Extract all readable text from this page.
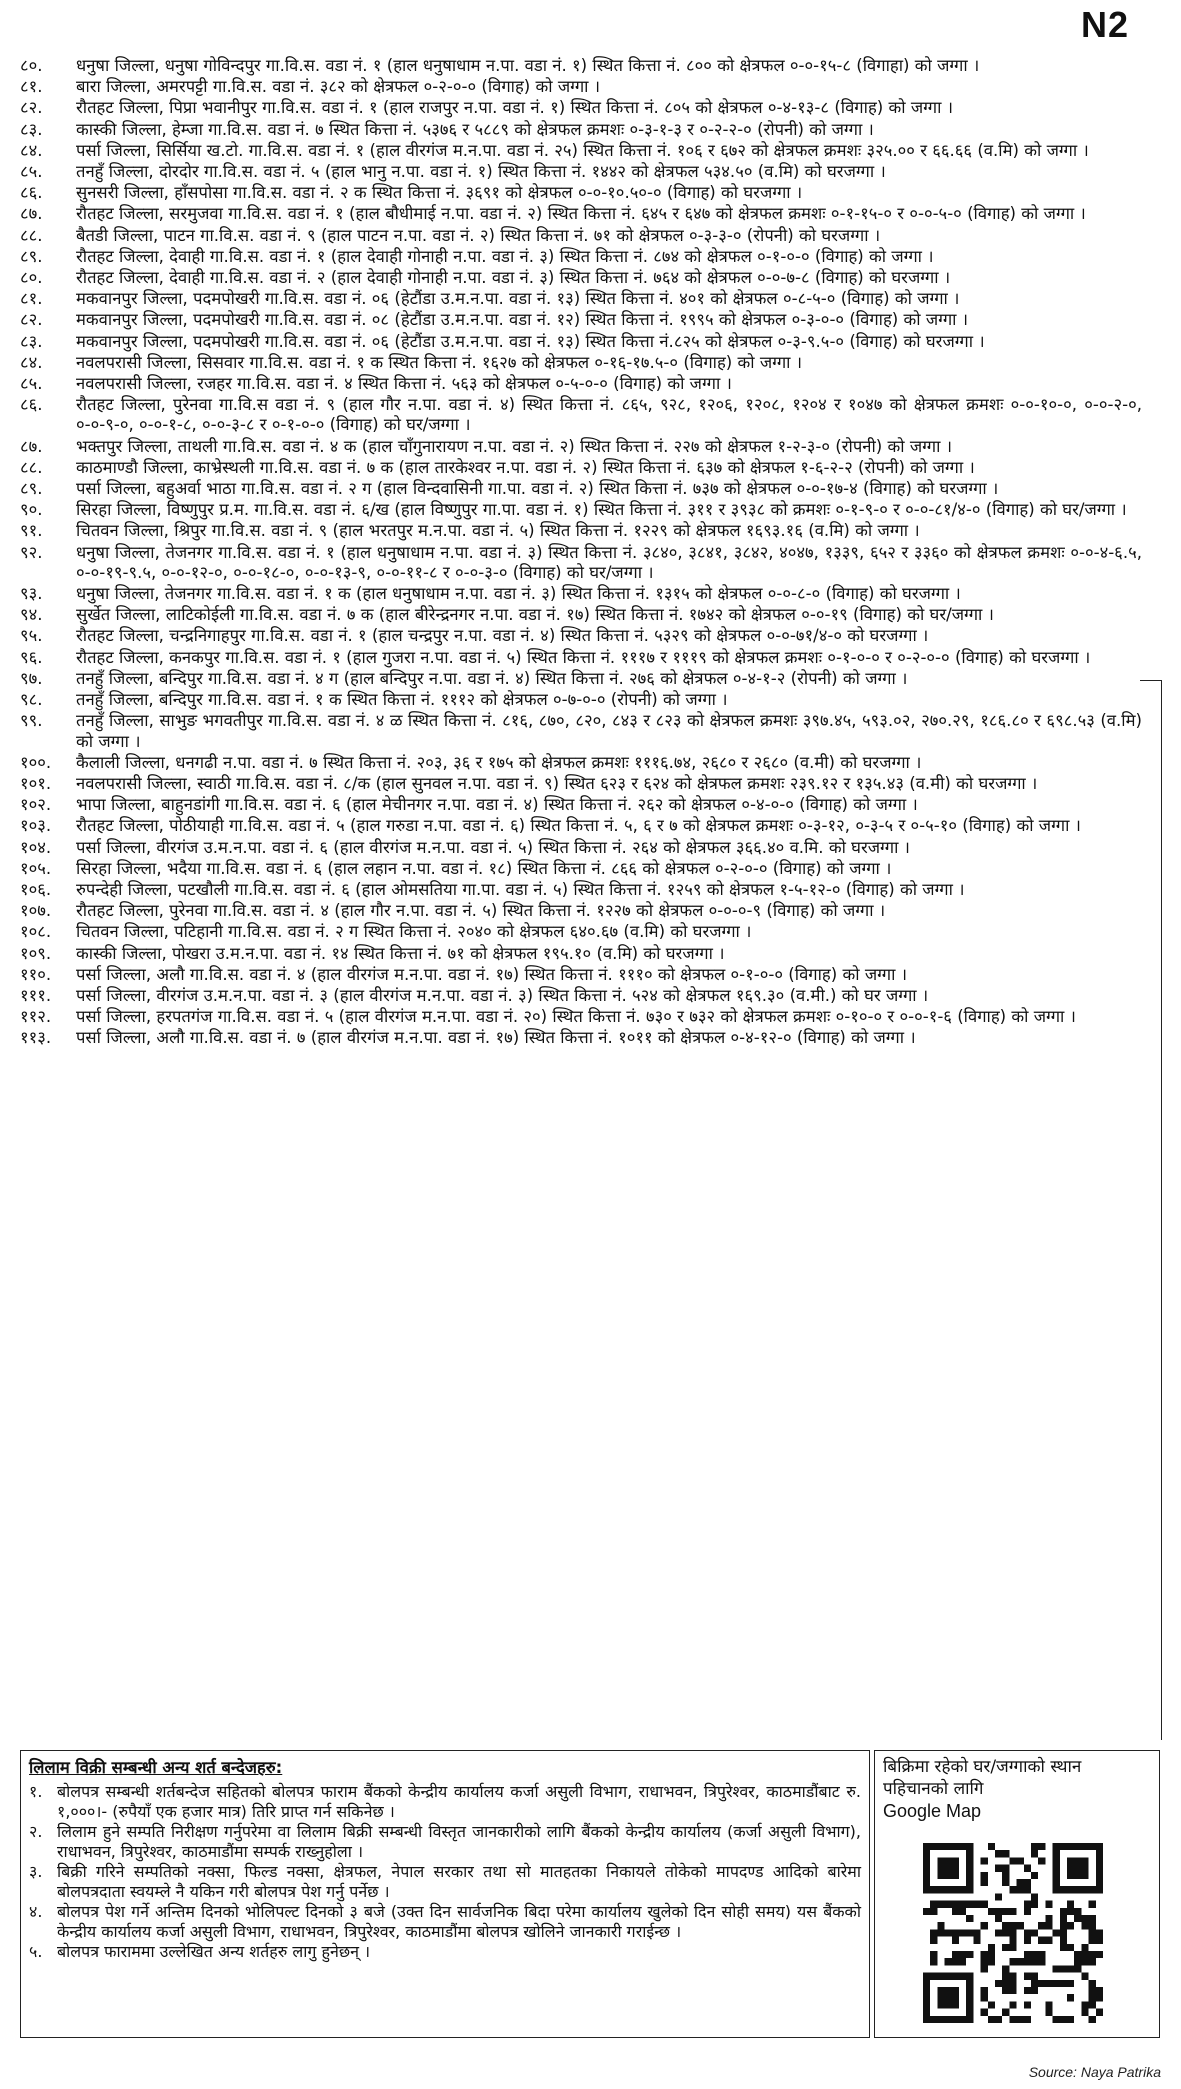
N2
८०.	धनुषा जिल्ला, धनुषा गोविन्दपुर गा.वि.स. वडा नं. १ (हाल धनुषाधाम न.पा. वडा नं. १) स्थित कित्ता नं. ८०० को क्षेत्रफल ०-०-१५-८ (विगाहा) को जग्गा ।
८१.	बारा जिल्ला, अमरपट्टी गा.वि.स. वडा नं. ३८२ को क्षेत्रफल ०-२-०-० (विगाह) को जग्गा ।
८२.	रौतहट जिल्ला, पिप्रा भवानीपुर गा.वि.स. वडा नं. १ (हाल राजपुर न.पा. वडा नं. १) स्थित कित्ता नं. ८०५ को क्षेत्रफल ०-४-१३-८ (विगाह) को जग्गा ।
८३.	कास्की जिल्ला, हेम्जा गा.वि.स. वडा नं. ७ स्थित कित्ता नं. ५३७६ र ५८८९ को क्षेत्रफल क्रमशः ०-३-१-३ र ०-२-२-० (रोपनी) को जग्गा ।
८४.	पर्सा जिल्ला, सिर्सिया ख.टो. गा.वि.स. वडा नं. १ (हाल वीरगंज म.न.पा. वडा नं. २५) स्थित कित्ता नं. १०६ र ६७२ को क्षेत्रफल क्रमशः ३२५.०० र ६६.६६ (व.मि) को जग्गा ।
८५.	तनहुँ जिल्ला, दोरदोर गा.वि.स. वडा नं. ५ (हाल भानु न.पा. वडा नं. १) स्थित कित्ता नं. १४४२ को क्षेत्रफल ५३४.५० (व.मि) को घरजग्गा ।
८६.	सुनसरी जिल्ला, हाँसपोसा गा.वि.स. वडा नं. २ क स्थित कित्ता नं. ३६९१ को क्षेत्रफल ०-०-१०.५०-० (विगाह) को घरजग्गा ।
८७.	रौतहट जिल्ला, सरमुजवा गा.वि.स. वडा नं. १ (हाल बौधीमाई न.पा. वडा नं. २) स्थित कित्ता नं. ६४५ र ६४७ को क्षेत्रफल क्रमशः ०-१-१५-० र ०-०-५-० (विगाह) को जग्गा ।
८८.	बैतडी जिल्ला, पाटन गा.वि.स. वडा नं. ९ (हाल पाटन न.पा. वडा नं. २) स्थित कित्ता नं. ७१ को क्षेत्रफल ०-३-३-० (रोपनी) को घरजग्गा ।
८९.	रौतहट जिल्ला, देवाही गा.वि.स. वडा नं. १ (हाल देवाही गोनाही न.पा. वडा नं. ३) स्थित कित्ता नं. ८७४ को क्षेत्रफल ०-१-०-० (विगाह) को जग्गा ।
८०.	रौतहट जिल्ला, देवाही गा.वि.स. वडा नं. २ (हाल देवाही गोनाही न.पा. वडा नं. ३) स्थित कित्ता नं. ७६४ को क्षेत्रफल ०-०-७-८ (विगाह) को घरजग्गा ।
८१.	मकवानपुर जिल्ला, पदमपोखरी गा.वि.स. वडा नं. ०६ (हेटौंडा उ.म.न.पा. वडा नं. १३) स्थित कित्ता नं. ४०१ को क्षेत्रफल ०-८-५-० (विगाह) को जग्गा ।
८२.	मकवानपुर जिल्ला, पदमपोखरी गा.वि.स. वडा नं. ०८ (हेटौंडा उ.म.न.पा. वडा नं. १२) स्थित कित्ता नं. १९९५ को क्षेत्रफल ०-३-०-० (विगाह) को जग्गा ।
८३.	मकवानपुर जिल्ला, पदमपोखरी गा.वि.स. वडा नं. ०६ (हेटौंडा उ.म.न.पा. वडा नं. १३) स्थित कित्ता नं.८२५ को क्षेत्रफल ०-३-९.५-० (विगाह) को घरजग्गा ।
८४.	नवलपरासी जिल्ला, सिसवार गा.वि.स. वडा नं. १ क स्थित कित्ता नं. १६२७ को क्षेत्रफल ०-१६-१७.५-० (विगाह) को जग्गा ।
८५.	नवलपरासी जिल्ला, रजहर गा.वि.स. वडा नं. ४ स्थित कित्ता नं. ५६३ को क्षेत्रफल ०-५-०-० (विगाह) को जग्गा ।
८६.	रौतहट जिल्ला, पुरेनवा गा.वि.स वडा नं. ९ (हाल गौर न.पा. वडा नं. ४) स्थित कित्ता नं. ८६५, ९२८, १२०६, १२०८, १२०४ र १०४७ को क्षेत्रफल क्रमशः ०-०-१०-०, ०-०-२-०, ०-०-९-०, ०-०-१-८, ०-०-३-८ र ०-१-०-० (विगाह) को घर/जग्गा ।
८७.	भक्तपुर जिल्ला, ताथली गा.वि.स. वडा नं. ४ क (हाल चाँगुनारायण न.पा. वडा नं. २) स्थित कित्ता नं. २२७ को क्षेत्रफल १-२-३-० (रोपनी) को जग्गा ।
८८.	काठमाण्डौ जिल्ला, काभ्रेस्थली गा.वि.स. वडा नं. ७ क (हाल तारकेश्वर न.पा. वडा नं. २) स्थित कित्ता नं. ६३७ को क्षेत्रफल १-६-२-२ (रोपनी) को जग्गा ।
८९.	पर्सा जिल्ला, बहुअर्वा भाठा गा.वि.स. वडा नं. २ ग (हाल विन्दवासिनी गा.पा. वडा नं. २) स्थित कित्ता नं. ७३७ को क्षेत्रफल ०-०-१७-४ (विगाह) को घरजग्गा ।
९०.	सिरहा जिल्ला, विष्णुपुर प्र.म. गा.वि.स. वडा नं. ६/ख (हाल विष्णुपुर गा.पा. वडा नं. १) स्थित कित्ता नं. ३११ र ३९३८ को क्रमशः ०-१-९-० र ०-०-८१/४-० (विगाह) को घर/जग्गा ।
९१.	चितवन जिल्ला, श्रिपुर गा.वि.स. वडा नं. ९ (हाल भरतपुर म.न.पा. वडा नं. ५) स्थित कित्ता नं. १२२९ को क्षेत्रफल १६९३.१६ (व.मि) को जग्गा ।
९२.	धनुषा जिल्ला, तेजनगर गा.वि.स. वडा नं. १ (हाल धनुषाधाम न.पा. वडा नं. ३) स्थित कित्ता नं. ३८४०, ३८४१, ३८४२, ४०४७, १३३९, ६५२ र ३३६० को क्षेत्रफल क्रमशः ०-०-४-६.५, ०-०-१९-९.५, ०-०-१२-०, ०-०-१८-०, ०-०-१३-९, ०-०-११-८ र ०-०-३-० (विगाह) को घर/जग्गा ।
९३.	धनुषा जिल्ला, तेजनगर गा.वि.स. वडा नं. १ क (हाल धनुषाधाम न.पा. वडा नं. ३) स्थित कित्ता नं. १३१५ को क्षेत्रफल ०-०-८-० (विगाह) को घरजग्गा ।
९४.	सुर्खेत जिल्ला, लाटिकोईली गा.वि.स. वडा नं. ७ क (हाल बीरेन्द्रनगर न.पा. वडा नं. १७) स्थित कित्ता नं. १७४२ को क्षेत्रफल ०-०-१९ (विगाह) को घर/जग्गा ।
९५.	रौतहट जिल्ला, चन्द्रनिगाहपुर गा.वि.स. वडा नं. १ (हाल चन्द्रपुर न.पा. वडा नं. ४) स्थित कित्ता नं. ५३२९ को क्षेत्रफल ०-०-७१/४-० को घरजग्गा ।
९६.	रौतहट जिल्ला, कनकपुर गा.वि.स. वडा नं. १ (हाल गुजरा न.पा. वडा नं. ५) स्थित कित्ता नं. १११७ र १११९ को क्षेत्रफल क्रमशः ०-१-०-० र ०-२-०-० (विगाह) को घरजग्गा ।
९७.	तनहुँ जिल्ला, बन्दिपुर गा.वि.स. वडा नं. ४ ग (हाल बन्दिपुर न.पा. वडा नं. ४) स्थित कित्ता नं. २७६ को क्षेत्रफल ०-४-१-२ (रोपनी) को जग्गा ।
९८.	तनहुँ जिल्ला, बन्दिपुर गा.वि.स. वडा नं. १ क स्थित कित्ता नं. १११२ को क्षेत्रफल ०-७-०-० (रोपनी) को जग्गा ।
९९.	तनहुँ जिल्ला, साभुङ भगवतीपुर गा.वि.स. वडा नं. ४ ळ स्थित कित्ता नं. ८१६, ८७०, ८२०, ८४३ र ८२३ को क्षेत्रफल क्रमशः ३९७.४५, ५९३.०२, २७०.२९, १८६.८० र ६९८.५३ (व.मि) को जग्गा ।
१००.	कैलाली जिल्ला, धनगढी न.पा. वडा नं. ७ स्थित कित्ता नं. २०३, ३६ र १७५ को क्षेत्रफल क्रमशः १११६.७४, २६८० र २६८० (व.मी) को घरजग्गा ।
१०१.	नवलपरासी जिल्ला, स्वाठी गा.वि.स. वडा नं. ८/क (हाल सुनवल न.पा. वडा नं. ९) स्थित ६२३ र ६२४ को क्षेत्रफल क्रमशः २३९.१२ र १३५.४३ (व.मी) को घरजग्गा ।
१०२.	भापा जिल्ला, बाहुनडांगी गा.वि.स. वडा नं. ६ (हाल मेचीनगर न.पा. वडा नं. ४) स्थित कित्ता नं. २६२ को क्षेत्रफल ०-४-०-० (विगाह) को जग्गा ।
१०३.	रौतहट जिल्ला, पोठीयाही गा.वि.स. वडा नं. ५ (हाल गरुडा न.पा. वडा नं. ६) स्थित कित्ता नं. ५, ६ र ७ को क्षेत्रफल क्रमशः ०-३-१२, ०-३-५ र ०-५-१० (विगाह) को जग्गा ।
१०४.	पर्सा जिल्ला, वीरगंज उ.म.न.पा. वडा नं. ६ (हाल वीरगंज म.न.पा. वडा नं. ५) स्थित कित्ता नं. २६४ को क्षेत्रफल ३६६.४० व.मि. को घरजग्गा ।
१०५.	सिरहा जिल्ला, भदैया गा.वि.स. वडा नं. ६ (हाल लहान न.पा. वडा नं. १८) स्थित कित्ता नं. ८६६ को क्षेत्रफल ०-२-०-० (विगाह) को जग्गा ।
१०६.	रुपन्देही जिल्ला, पटखौली गा.वि.स. वडा नं. ६ (हाल ओमसतिया गा.पा. वडा नं. ५) स्थित कित्ता नं. १२५९ को क्षेत्रफल १-५-१२-० (विगाह) को जग्गा ।
१०७.	रौतहट जिल्ला, पुरेनवा गा.वि.स. वडा नं. ४ (हाल गौर न.पा. वडा नं. ५) स्थित कित्ता नं. १२२७ को क्षेत्रफल ०-०-०-९ (विगाह) को जग्गा ।
१०८.	चितवन जिल्ला, पटिहानी गा.वि.स. वडा नं. २ ग स्थित कित्ता नं. २०४० को क्षेत्रफल ६४०.६७ (व.मि) को घरजग्गा ।
१०९.	कास्की जिल्ला, पोखरा उ.म.न.पा. वडा नं. १४ स्थित कित्ता नं. ७१ को क्षेत्रफल १९५.१० (व.मि) को घरजग्गा ।
११०.	पर्सा जिल्ला, अलौ गा.वि.स. वडा नं. ४ (हाल वीरगंज म.न.पा. वडा नं. १७) स्थित कित्ता नं. १११० को क्षेत्रफल ०-१-०-० (विगाह) को जग्गा ।
१११.	पर्सा जिल्ला, वीरगंज उ.म.न.पा. वडा नं. ३ (हाल वीरगंज म.न.पा. वडा नं. ३) स्थित कित्ता नं. ५२४ को क्षेत्रफल १६९.३० (व.मी.) को घर जग्गा ।
११२.	पर्सा जिल्ला, हरपतगंज गा.वि.स. वडा नं. ५ (हाल वीरगंज म.न.पा. वडा नं. २०) स्थित कित्ता नं. ७३० र ७३२ को क्षेत्रफल क्रमशः ०-१०-० र ०-०-१-६ (विगाह) को जग्गा ।
११३.	पर्सा जिल्ला, अलौ गा.वि.स. वडा नं. ७ (हाल वीरगंज म.न.पा. वडा नं. १७) स्थित कित्ता नं. १०११ को क्षेत्रफल ०-४-१२-० (विगाह) को जग्गा ।
लिलाम विक्री सम्बन्धी अन्य शर्त बन्देजहरु:
१. बोलपत्र सम्बन्धी शर्तबन्देज सहितको बोलपत्र फाराम बैंकको केन्द्रीय कार्यालय कर्जा असुली विभाग, राधाभवन, त्रिपुरेश्वर, काठमाडौंबाट रु. १,०००।- (रुपैयाँ एक हजार मात्र) तिरि प्राप्त गर्न सकिनेछ ।
२. लिलाम हुने सम्पति निरीक्षण गर्नुपरेमा वा लिलाम बिक्री सम्बन्धी विस्तृत जानकारीको लागि बैंकको केन्द्रीय कार्यालय (कर्जा असुली विभाग), राधाभवन, त्रिपुरेश्वर, काठमाडौंमा सम्पर्क राख्नुहोला ।
३. बिक्री गरिने सम्पतिको नक्सा, फिल्ड नक्सा, क्षेत्रफल, नेपाल सरकार तथा सो मातहतका निकायले तोकेको मापदण्ड आदिको बारेमा बोलपत्रदाता स्वयम्ले नै यकिन गरी बोलपत्र पेश गर्नु पर्नेछ ।
४. बोलपत्र पेश गर्ने अन्तिम दिनको भोलिपल्ट दिनको ३ बजे (उक्त दिन सार्वजनिक बिदा परेमा कार्यालय खुलेको दिन सोही समय) यस बैंकको केन्द्रीय कार्यालय कर्जा असुली विभाग, राधाभवन, त्रिपुरेश्वर, काठमाडौंमा बोलपत्र खोलिने जानकारी गराईन्छ ।
५. बोलपत्र फाराममा उल्लेखित अन्य शर्तहरु लागु हुनेछन् ।
बिक्रिमा रहेको घर/जग्गाको स्थान पहिचानको लागि
Google Map
Source: Naya Patrika
